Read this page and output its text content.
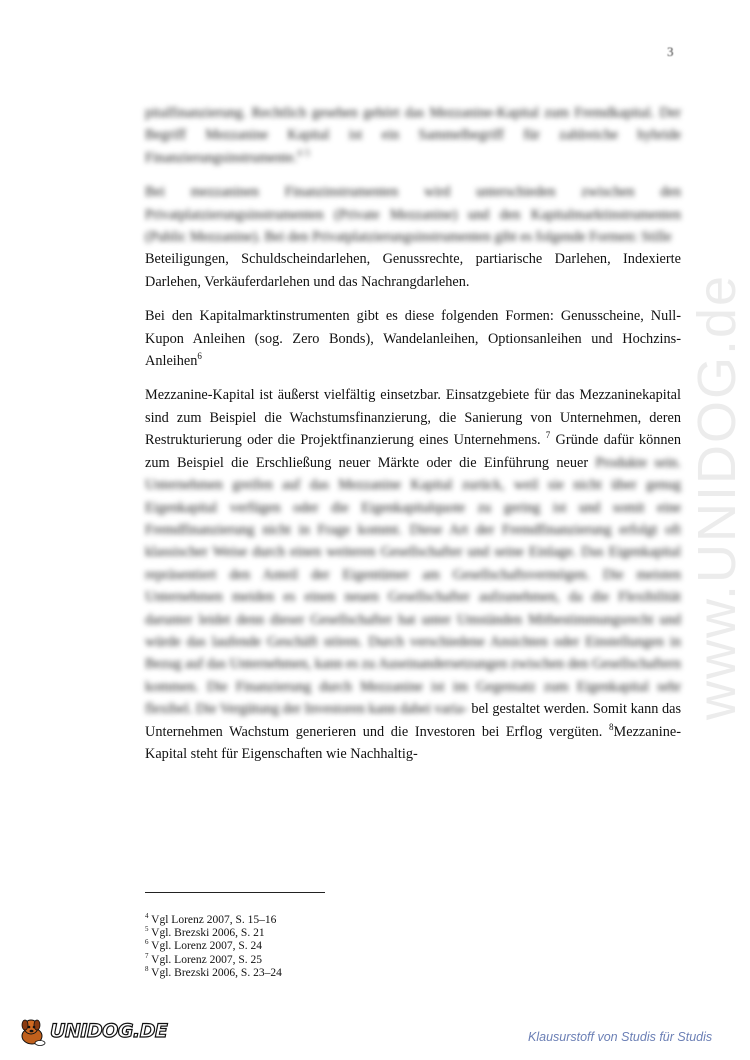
3
www.UNIDOG.de

pitalfinanzierung. Rechtlich gesehen gehört das Mezzanine-Kapital zum Fremdkapital. Der Begriff Mezzanine Kapital ist ein Sammelbegriff für zahlreiche hybride Finanzierungsinstrumente.$^4$ $^5$

Bei mezzaninen Finanzinstrumenten wird unterschieden zwischen den Privatplatzierungsinstrumenten (Private Mezzanine) und den Kapitalmarktinstrumenten (Public Mezzanine). Bei den Privatplatzierungsinstrumenten gibt es folgende Formen: Stille

Beteiligungen, Schuldscheindarlehen, Genussrechte, partiarische Darlehen, Indexierte Darlehen, Verkäuferdarlehen und das Nachrangdarlehen.

Bei den Kapitalmarktinstrumenten gibt es diese folgenden Formen: Genusscheine, Null-Kupon Anleihen (sog. Zero Bonds), Wandelanleihen, Optionsanleihen und Hochzins-Anleihen$^6$

Mezzanine-Kapital ist äußerst vielfältig einsetzbar. Einsatzgebiete für das Mezzaninekapital sind zum Beispiel die Wachstumsfinanzierung, die Sanierung von Unternehmen, deren Restrukturierung oder die Projektfinanzierung eines Unternehmens. $^7$ Gründe dafür können zum Beispiel die Erschließung neuer Märkte oder die Einführung neuer Produkte sein. Unternehmen greifen auf das Mezzanine Kapital zurück, weil sie nicht über genug Eigenkapital verfügen oder die Eigenkapitalquote zu gering ist und somit eine Fremdfinanzierung nicht in Frage kommt. Diese Art der Fremdfinanzierung erfolgt oft klassischer Weise durch einen weiteren Gesellschafter und seine Einlage. Das Eigenkapital repräsentiert den Anteil der Eigentümer am Gesellschaftsvermögen. Die meisten Unternehmen meiden es einen neuen Gesellschafter aufzunehmen, da die Flexibilität darunter leidet denn dieser Gesellschafter hat unter Umständen Mitbestimmungsrecht und würde das laufende Geschäft stören. Durch verschiedene Ansichten oder Einstellungen in Bezug auf das Unternehmen, kann es zu Auseinandersetzungen zwischen den Gesellschaftern kommen. Die Finanzierung durch Mezzanine ist im Gegensatz zum Eigenkapital sehr flexibel. Die Vergütung der Investoren kann dabei varia- bel gestaltet werden. Somit kann das Unternehmen Wachstum generieren und die Investoren bei Erflog vergüten. $^8$Mezzanine-Kapital steht für Eigenschaften wie Nachhaltig-
$^4$ Vgl Lorenz 2007, S. 15–16
$^5$ Vgl. Brezski 2006, S. 21
$^6$ Vgl. Lorenz 2007, S. 24
$^7$ Vgl. Lorenz 2007, S. 25
$^8$ Vgl. Brezski 2006, S. 23–24
UNIDOG.DE	Klausurstoff von Studis für Studis
